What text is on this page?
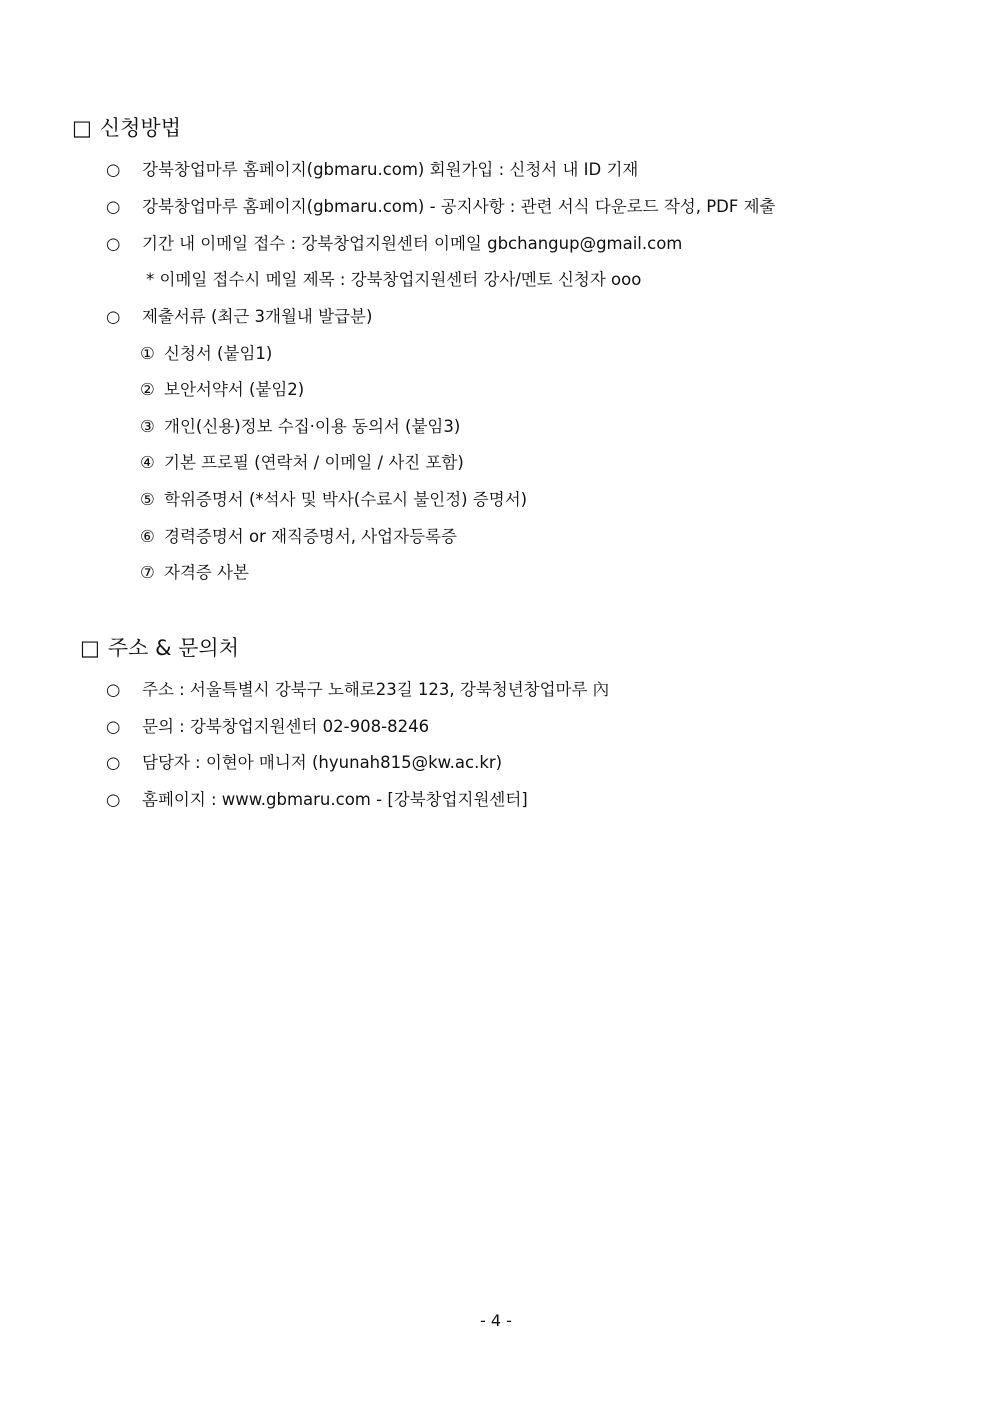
□ 신청방법
○ 강북창업마루 홈페이지(gbmaru.com) 회원가입 : 신청서 내 ID 기재
○ 강북창업마루 홈페이지(gbmaru.com) - 공지사항 : 관련 서식 다운로드 작성, PDF 제출
○ 기간 내 이메일 접수 : 강북창업지원센터 이메일 gbchangup@gmail.com
* 이메일 접수시 메일 제목 : 강북창업지원센터 강사/멘토 신청자 ooo
○ 제출서류 (최근 3개월내 발급분)
① 신청서 (붙임1)
② 보안서약서 (붙임2)
③ 개인(신용)정보 수집·이용 동의서 (붙임3)
④ 기본 프로필 (연락처 / 이메일 / 사진 포함)
⑤ 학위증명서 (*석사 및 박사(수료시 불인정) 증명서)
⑥ 경력증명서 or 재직증명서, 사업자등록증
⑦ 자격증 사본
□ 주소 & 문의처
○ 주소 : 서울특별시 강북구 노해로23길 123, 강북청년창업마루 內
○ 문의 : 강북창업지원센터 02-908-8246
○ 담당자 : 이현아 매니저 (hyunah815@kw.ac.kr)
○ 홈페이지 : www.gbmaru.com - [강북창업지원센터]
- 4 -
